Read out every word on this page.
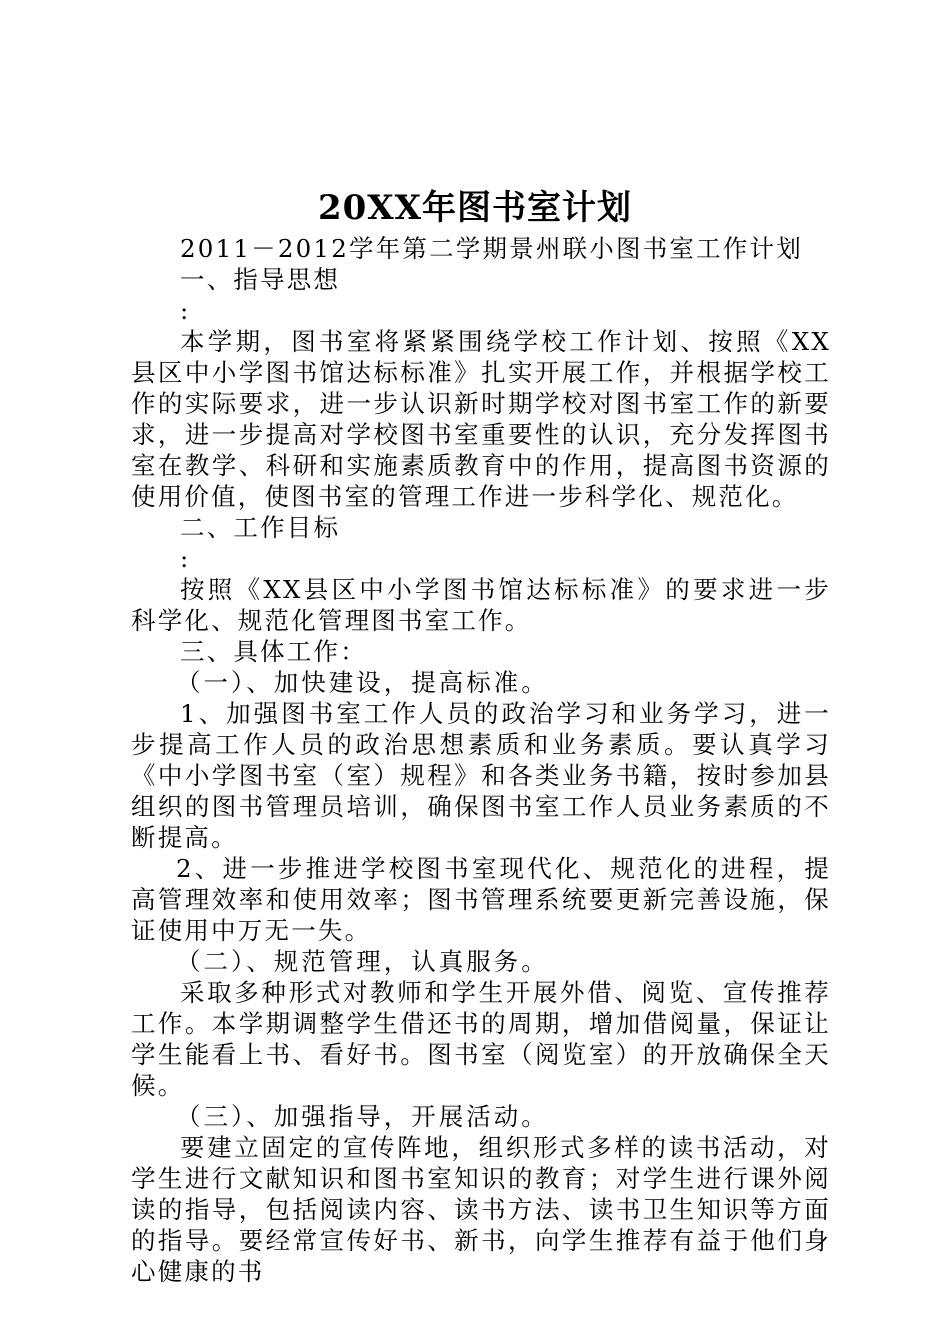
20XX年图书室计划

2011－2012学年第二学期景州联小图书室工作计划

一、指导思想

:

本学期，图书室将紧紧围绕学校工作计划、按照《XX县区中小学图书馆达标标准》扎实开展工作，并根据学校工作的实际要求，进一步认识新时期学校对图书室工作的新要求，进一步提高对学校图书室重要性的认识，充分发挥图书室在教学、科研和实施素质教育中的作用，提高图书资源的使用价值，使图书室的管理工作进一步科学化、规范化。

二、工作目标

:

按照《XX县区中小学图书馆达标标准》的要求进一步科学化、规范化管理图书室工作。

三、具体工作：

（一）、加快建设，提高标准。

1、加强图书室工作人员的政治学习和业务学习，进一步提高工作人员的政治思想素质和业务素质。要认真学习《中小学图书室（室）规程》和各类业务书籍，按时参加县组织的图书管理员培训，确保图书室工作人员业务素质的不断提高。

2、进一步推进学校图书室现代化、规范化的进程，提高管理效率和使用效率；图书管理系统要更新完善设施，保证使用中万无一失。

（二）、规范管理，认真服务。

采取多种形式对教师和学生开展外借、阅览、宣传推荐工作。本学期调整学生借还书的周期，增加借阅量，保证让学生能看上书、看好书。图书室（阅览室）的开放确保全天候。

（三）、加强指导，开展活动。

要建立固定的宣传阵地，组织形式多样的读书活动，对学生进行文献知识和图书室知识的教育；对学生进行课外阅读的指导，包括阅读内容、读书方法、读书卫生知识等方面的指导。要经常宣传好书、新书，向学生推荐有益于他们身心健康的书
